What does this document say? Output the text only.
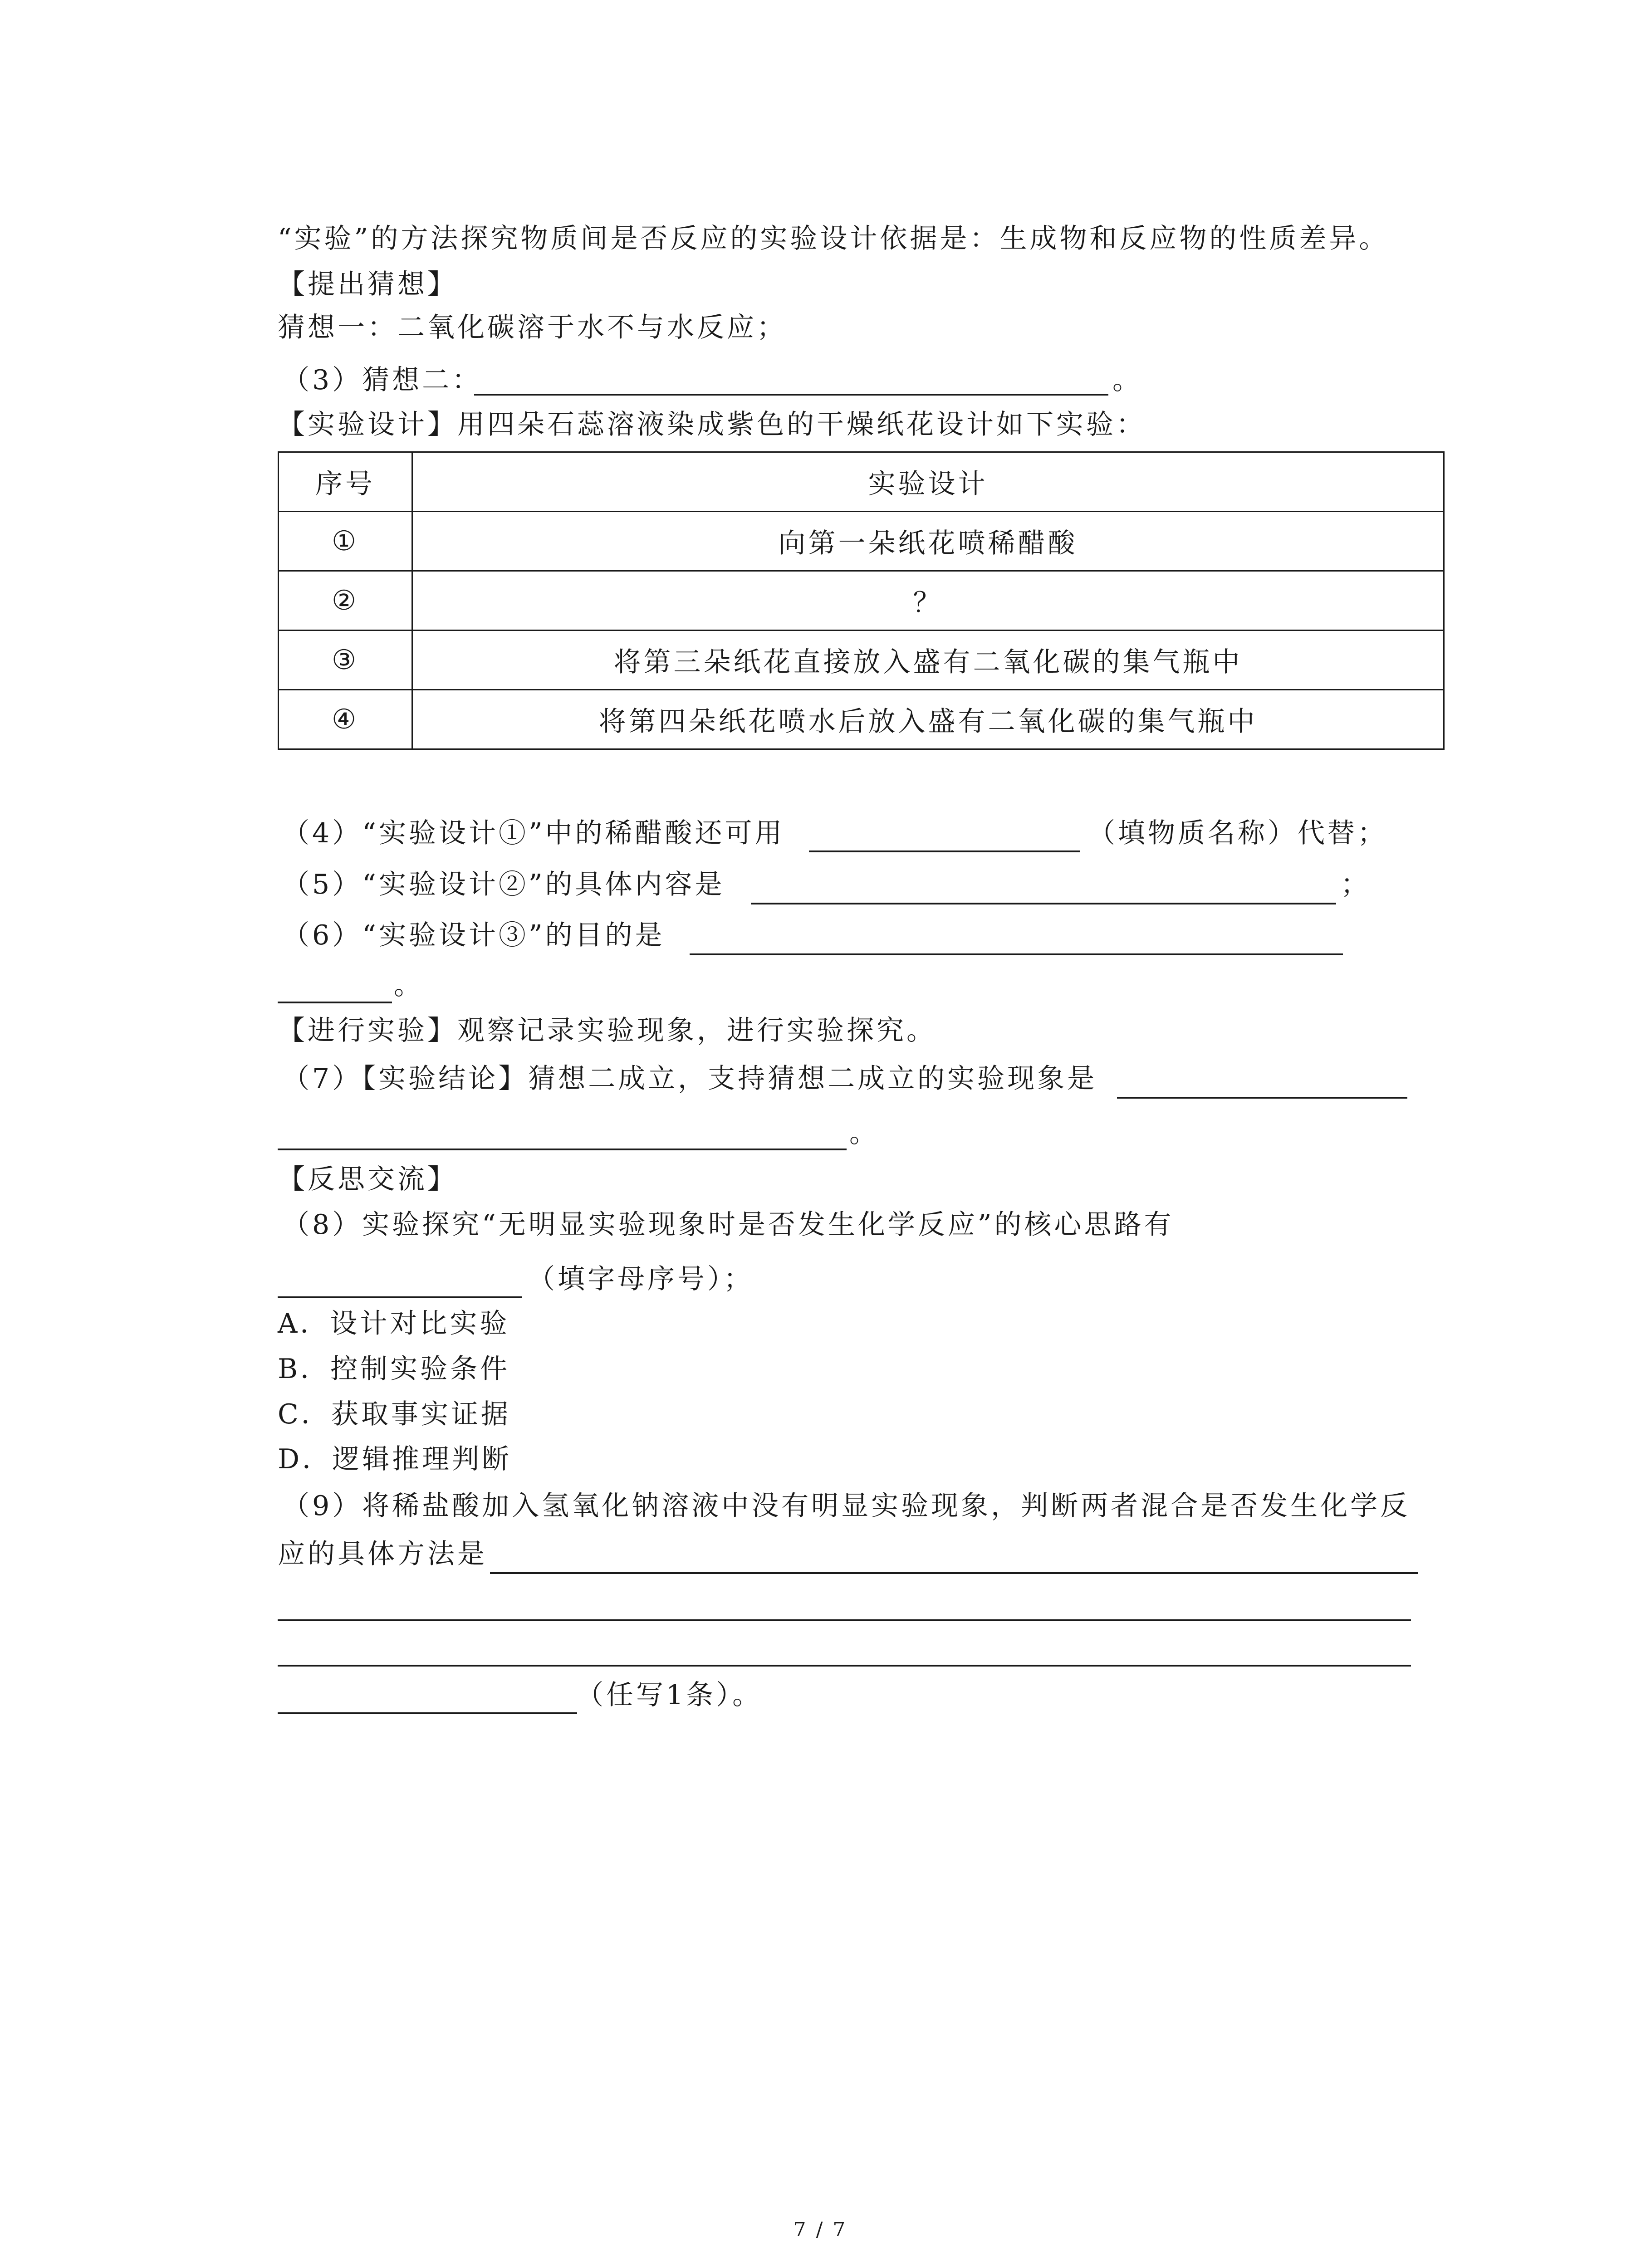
“实验”的方法探究物质间是否反应的实验设计依据是：生成物和反应物的性质差异。
【提出猜想】
猜想一：二氧化碳溶于水不与水反应；
（3）猜想二：	。
【实验设计】用四朵石蕊溶液染成紫色的干燥纸花设计如下实验：
序号	实验设计
①	向第一朵纸花喷稀醋酸
②	？
③	将第三朵纸花直接放入盛有二氧化碳的集气瓶中
④	将第四朵纸花喷水后放入盛有二氧化碳的集气瓶中
（4）“实验设计①”中的稀醋酸还可用	（填物质名称）代替；
（5）“实验设计②”的具体内容是	；
（6）“实验设计③”的目的是
。
【进行实验】观察记录实验现象，进行实验探究。
（7）【实验结论】猜想二成立，支持猜想二成立的实验现象是
。
【反思交流】
（8）实验探究“无明显实验现象时是否发生化学反应”的核心思路有
（填字母序号）；
A．设计对比实验
B．控制实验条件
C．获取事实证据
D．逻辑推理判断
（9）将稀盐酸加入氢氧化钠溶液中没有明显实验现象，判断两者混合是否发生化学反
应的具体方法是
（任写1条）。
7 / 7
